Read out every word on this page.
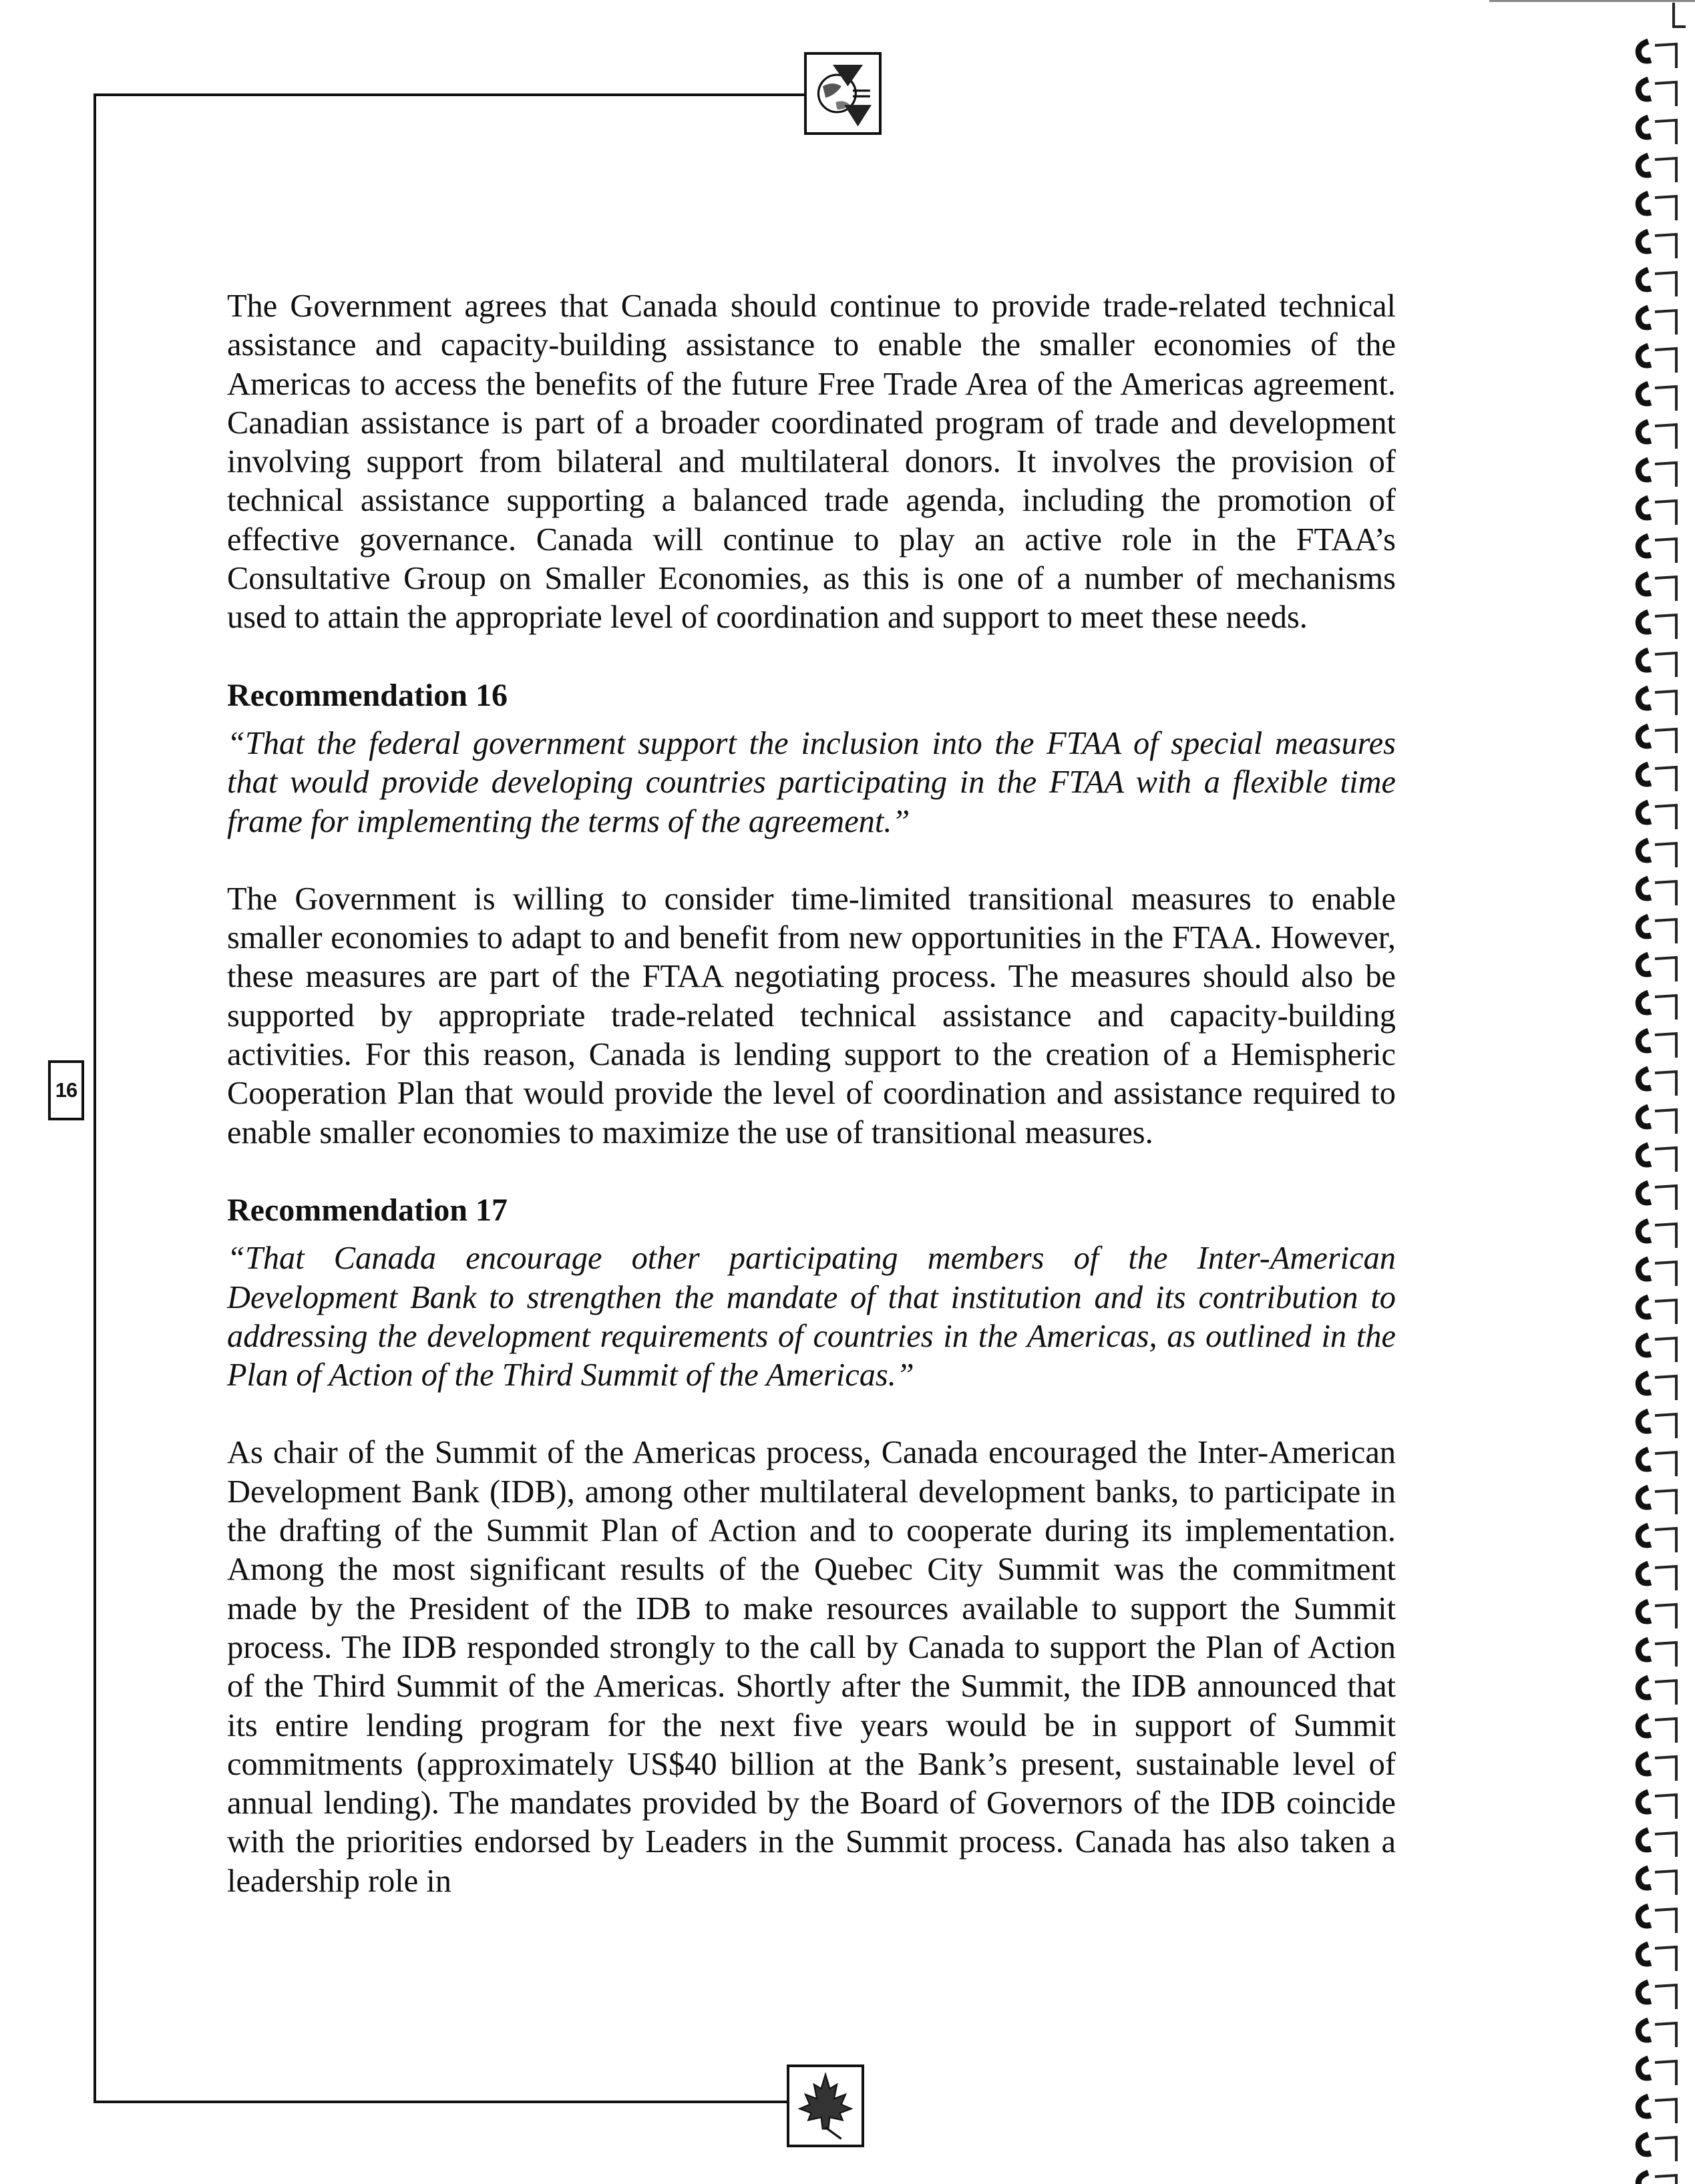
16

The Government agrees that Canada should continue to provide trade-related technical assistance and capacity-building assistance to enable the smaller economies of the Americas to access the benefits of the future Free Trade Area of the Americas agreement. Canadian assistance is part of a broader coordinated program of trade and development involving support from bilateral and multilateral donors. It involves the provision of technical assistance supporting a balanced trade agenda, including the promotion of effective governance. Canada will continue to play an active role in the FTAA’s Consultative Group on Smaller Economies, as this is one of a number of mechanisms used to attain the appropriate level of coordination and support to meet these needs.

Recommendation 16

“That the federal government support the inclusion into the FTAA of special measures that would provide developing countries participating in the FTAA with a flexible time frame for implementing the terms of the agreement.”

The Government is willing to consider time-limited transitional measures to enable smaller economies to adapt to and benefit from new opportunities in the FTAA. However, these measures are part of the FTAA negotiating process. The measures should also be supported by appropriate trade-related technical assistance and capacity-building activities. For this reason, Canada is lending support to the creation of a Hemispheric Cooperation Plan that would provide the level of coordination and assistance required to enable smaller economies to maximize the use of transitional measures.

Recommendation 17

“That Canada encourage other participating members of the Inter-American Development Bank to strengthen the mandate of that institution and its contribution to addressing the development requirements of countries in the Americas, as outlined in the Plan of Action of the Third Summit of the Americas.”

As chair of the Summit of the Americas process, Canada encouraged the Inter-American Development Bank (IDB), among other multilateral development banks, to participate in the drafting of the Summit Plan of Action and to cooperate during its implementation. Among the most significant results of the Quebec City Summit was the commitment made by the President of the IDB to make resources available to support the Summit process. The IDB responded strongly to the call by Canada to support the Plan of Action of the Third Summit of the Americas. Shortly after the Summit, the IDB announced that its entire lending program for the next five years would be in support of Summit commitments (approximately US$40 billion at the Bank’s present, sustainable level of annual lending). The mandates provided by the Board of Governors of the IDB coincide with the priorities endorsed by Leaders in the Summit process. Canada has also taken a leadership role in
